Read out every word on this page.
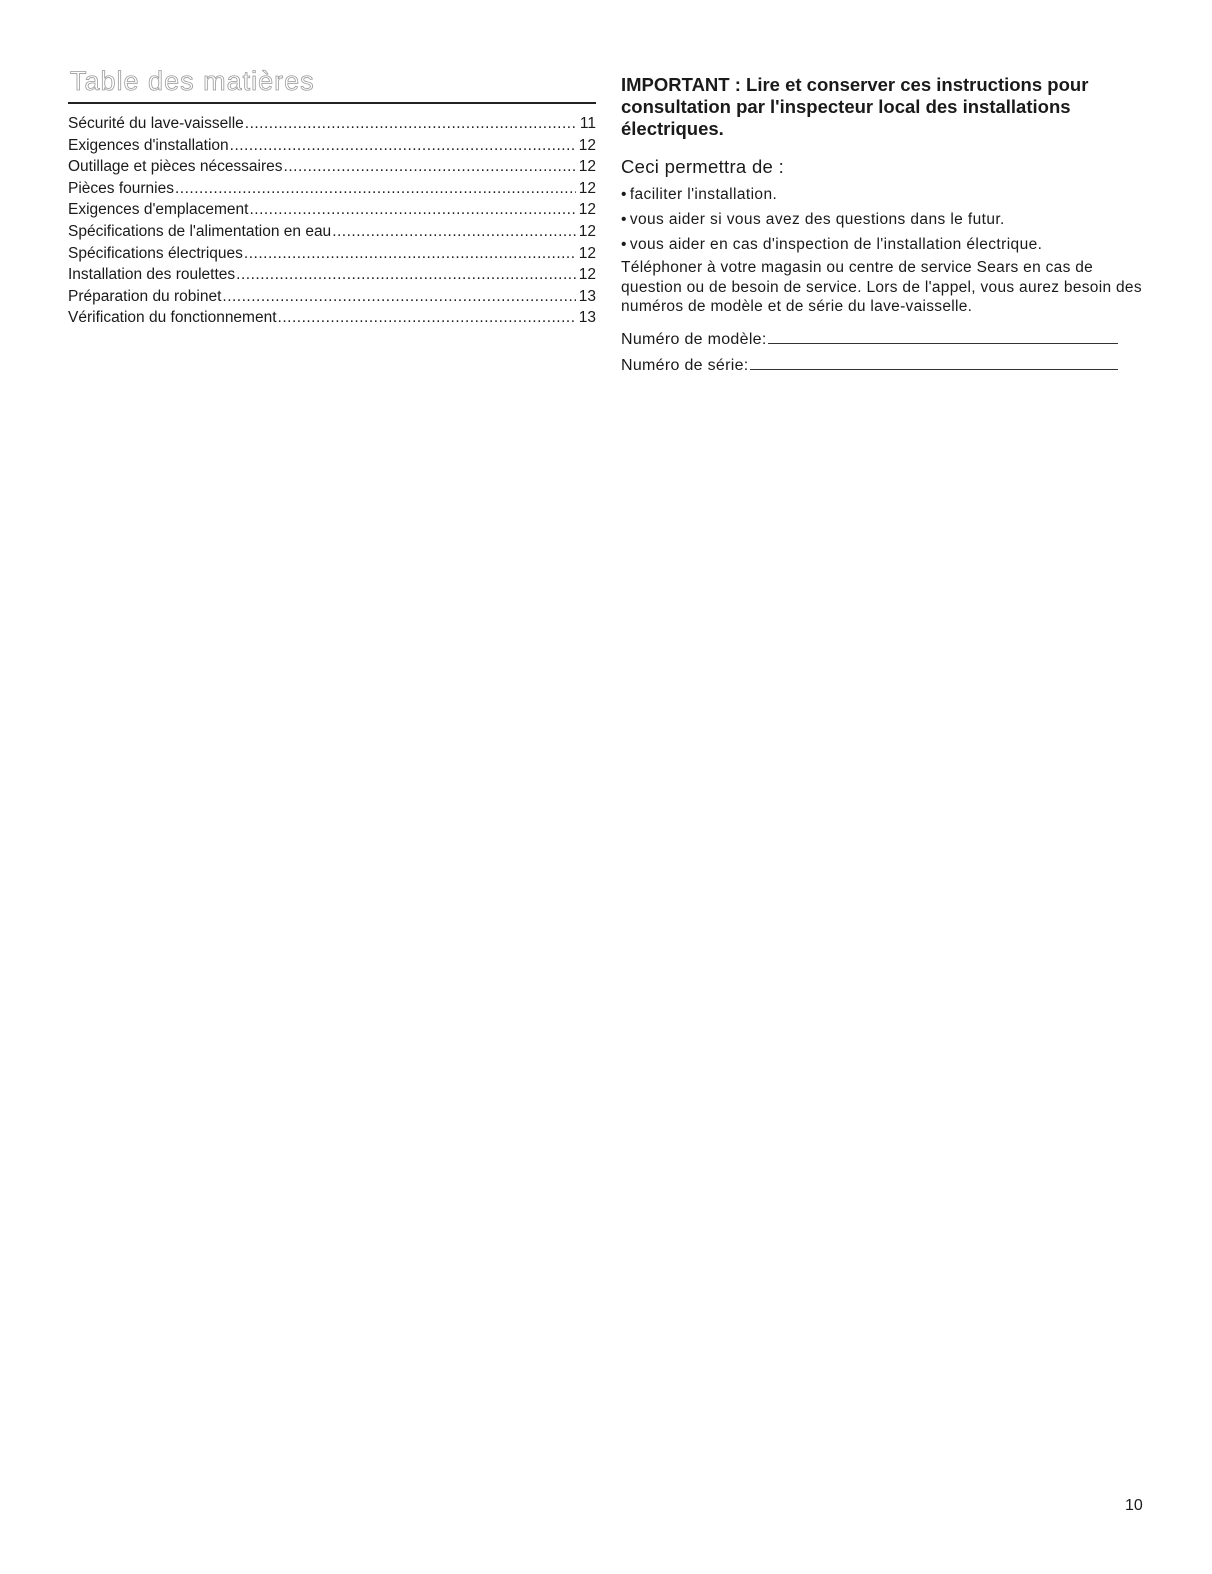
Table des matières
Sécurité du lave-vaisselle .....	11
Exigences d'installation .....	12
Outillage et pièces nécessaires .....	12
Pièces fournies .....	12
Exigences d'emplacement .....	12
Spécifications de l'alimentation en eau .....	12
Spécifications électriques .....	12
Installation des roulettes .....	12
Préparation du robinet .....	13
Vérification du fonctionnement .....	13
IMPORTANT : Lire et conserver ces instructions pour consultation par l'inspecteur local des installations électriques.
Ceci permettra de :
• faciliter l'installation.
• vous aider si vous avez des questions dans le futur.
• vous aider en cas d'inspection de l'installation électrique.

Téléphoner à votre magasin ou centre de service Sears en cas de question ou de besoin de service. Lors de l'appel, vous aurez besoin des numéros de modèle et de série du lave-vaisselle.

Numéro de modèle:
Numéro de série:
10
